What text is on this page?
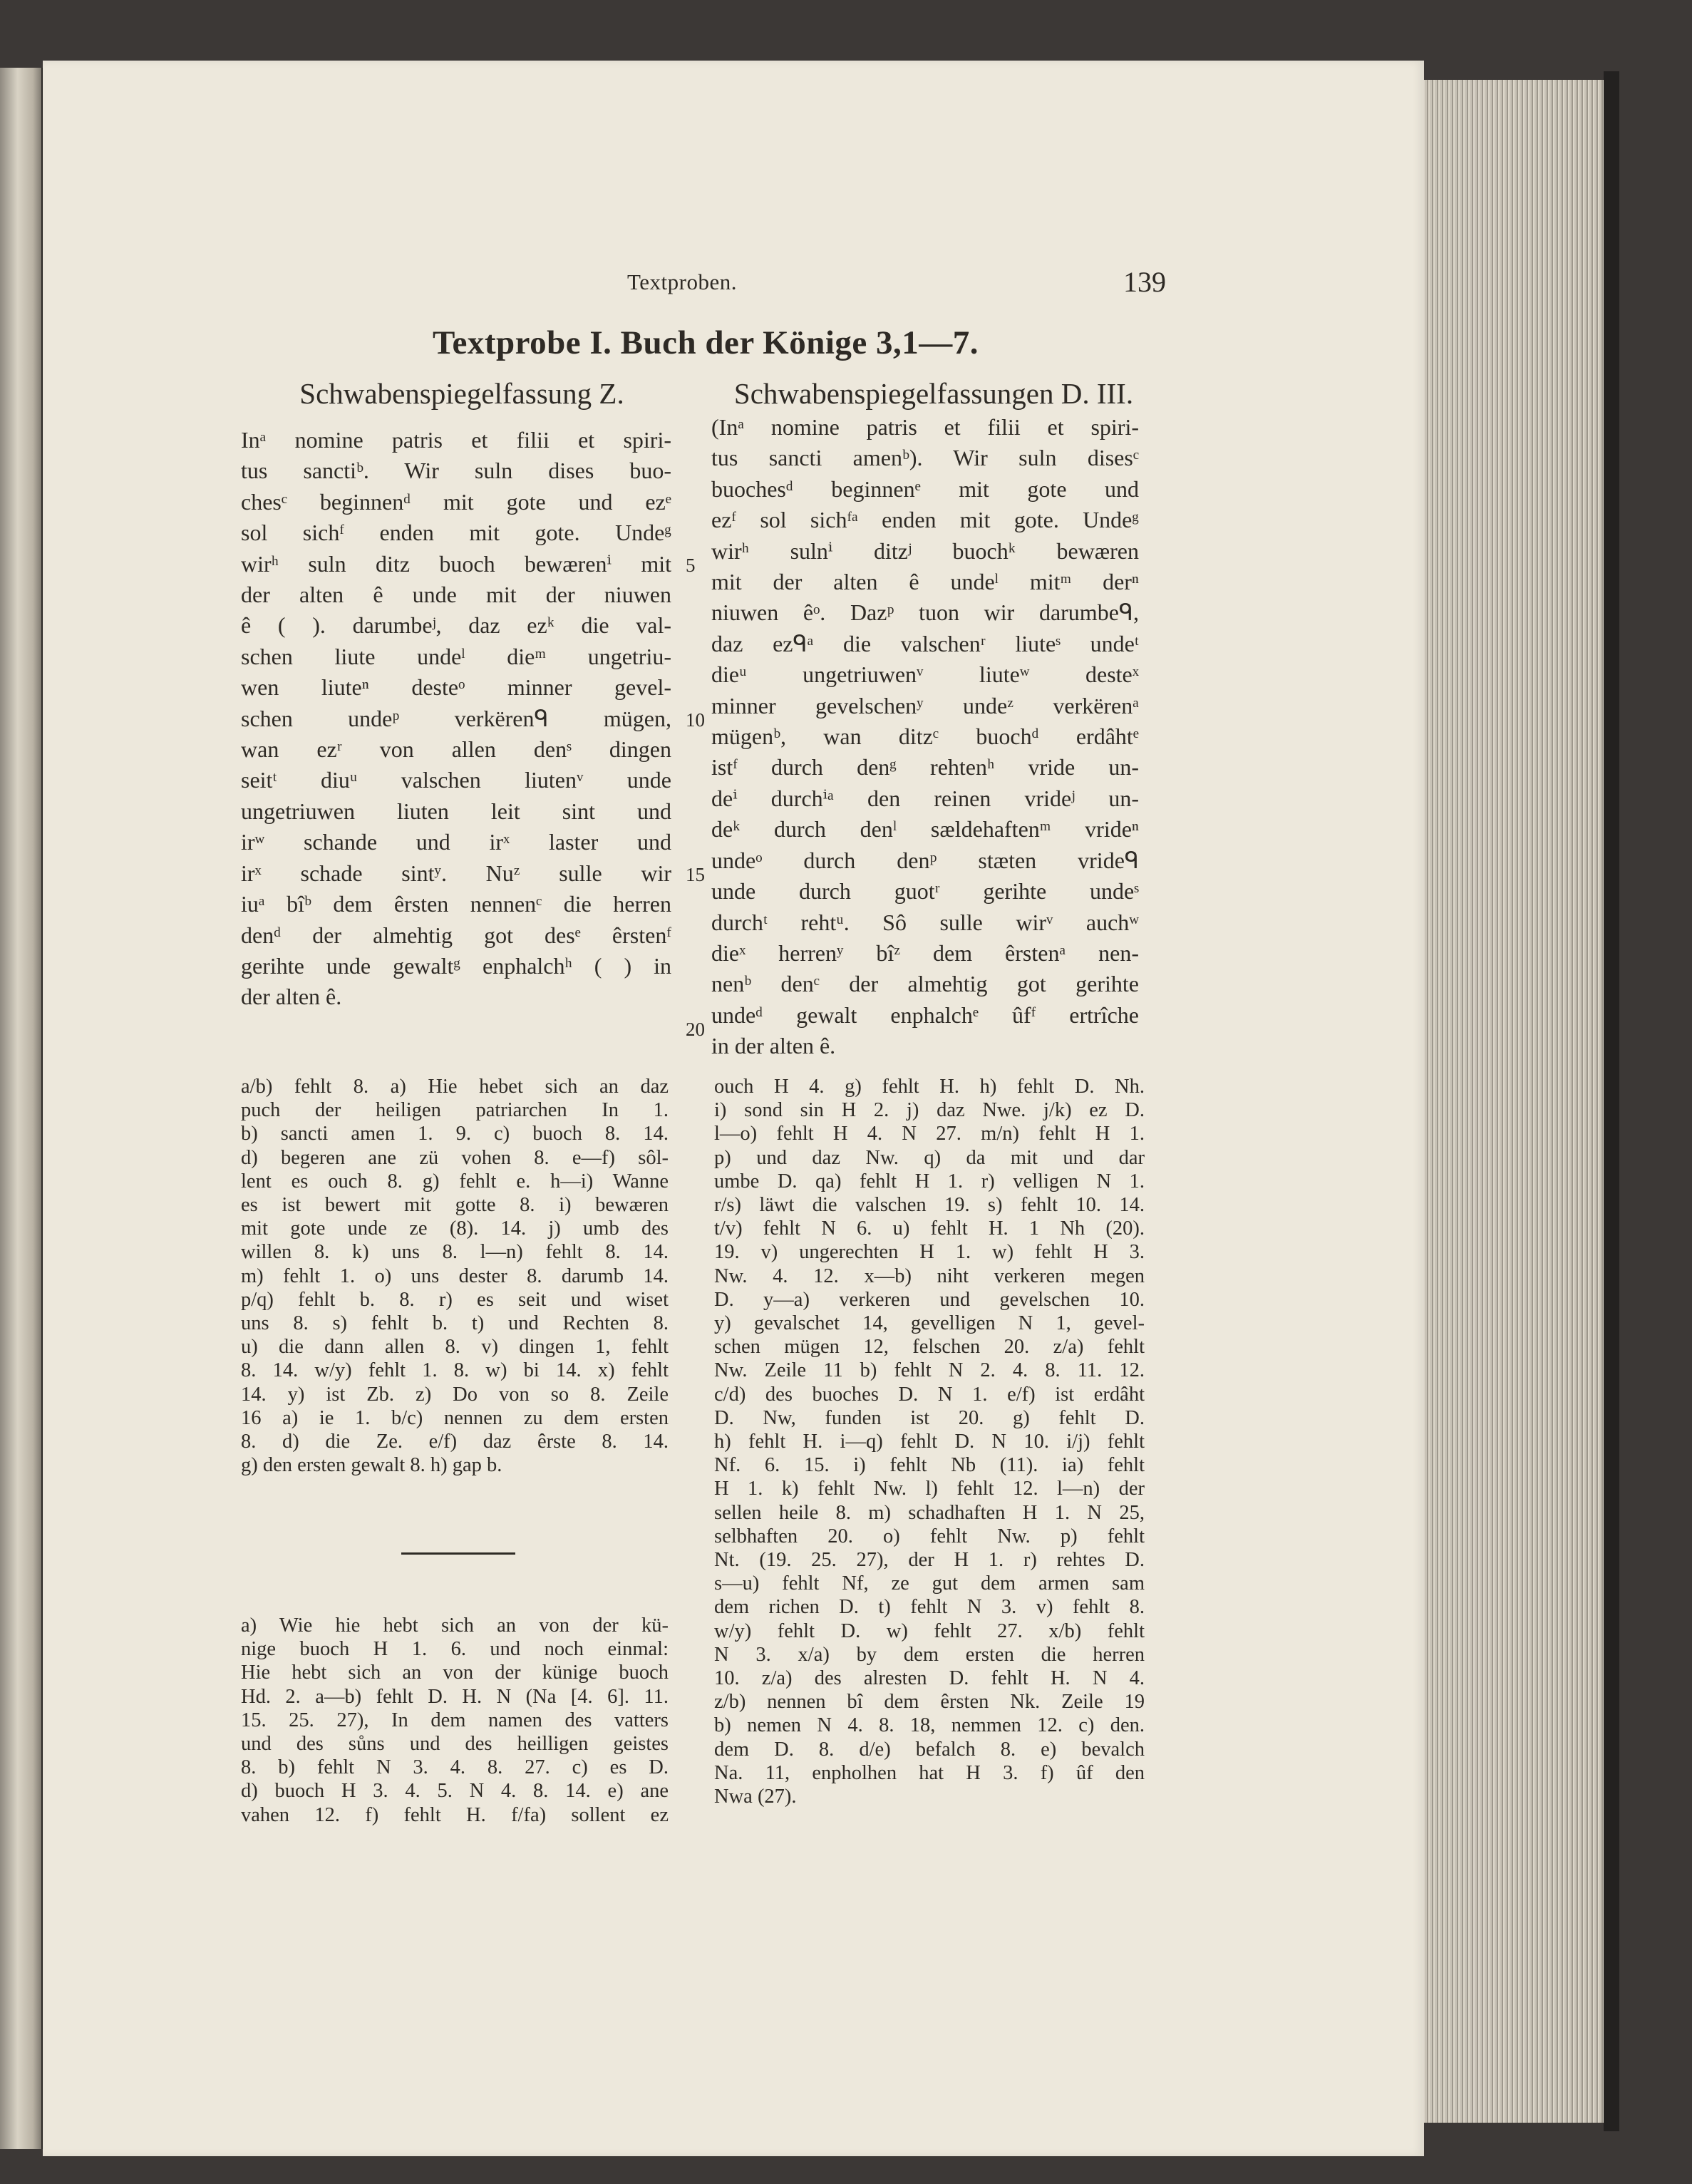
Textproben.	139
Textprobe I. Buch der Könige 3,1—7.
Schwabenspiegelfassung Z.	Schwabenspiegelfassungen D. III.
Inᵃ nomine patris et filii et spiri-
tus sanctiᵇ. Wir suln dises buo-
chesᶜ beginnenᵈ mit gote und ezᵉ
sol sichᶠ enden mit gote. Undeᵍ
wirʰ suln ditz buoch bewærenⁱ mit
der alten ê unde mit der niuwen
ê ( ). darumbeʲ, daz ezᵏ die val-
schen liute undeˡ dieᵐ ungetriu-
wen liuteⁿ desteᵒ minner gevel-
schen undeᵖ verkërenᑫ mügen,
wan ezʳ von allen denˢ dingen
seitᵗ diuᵘ valschen liutenᵛ unde
ungetriuwen liuten leit sint und
irʷ schande und irˣ laster und
irˣ schade sintʸ. Nuᶻ sulle wir
iuᵃ bîᵇ dem êrsten nennenᶜ die herren
denᵈ der almehtig got desᵉ êrstenᶠ
gerihte unde gewaltᵍ enphalchʰ ( ) in
der alten ê.
(Inᵃ nomine patris et filii et spiri-
tus sancti amenᵇ). Wir suln disesᶜ
buochesᵈ beginnenᵉ mit gote und
ezᶠ sol sichᶠᵃ enden mit gote. Undeᵍ
wirʰ sulnⁱ ditzʲ buochᵏ bewæren
mit der alten ê undeˡ mitᵐ derⁿ
niuwen êᵒ. Dazᵖ tuon wir darumbeᑫ,
daz ezᑫᵃ die valschenʳ liuteˢ undeᵗ
dieᵘ ungetriuwenᵛ liuteʷ desteˣ
minner gevelschenʸ undeᶻ verkërenᵃ
mügenᵇ, wan ditzᶜ buochᵈ erdâhtᵉ
istᶠ durch denᵍ rehtenʰ vride un-
deⁱ durchⁱᵃ den reinen vrideʲ un-
deᵏ durch denˡ sældehaftenᵐ vrideⁿ
undeᵒ durch denᵖ stæten vrideᑫ
unde durch guotʳ gerihte undeˢ
durchᵗ rehtᵘ. Sô sulle wirᵛ auchʷ
dieˣ herrenʸ bîᶻ dem êrstenᵃ nen-
nenᵇ denᶜ der almehtig got gerihte
undeᵈ gewalt enphalchᵉ ûfᶠ ertrîche
in der alten ê.
5
10
15
20
a/b) fehlt 8. a) Hie hebet sich an daz
puch der heiligen patriarchen In 1.
b) sancti amen 1. 9. c) buoch 8. 14.
d) begeren ane zü vohen 8. e—f) sôl-
lent es ouch 8. g) fehlt e. h—i) Wanne
es ist bewert mit gotte 8. i) bewæren
mit gote unde ze (8). 14. j) umb des
willen 8. k) uns 8. l—n) fehlt 8. 14.
m) fehlt 1. o) uns dester 8. darumb 14.
p/q) fehlt b. 8. r) es seit und wiset
uns 8. s) fehlt b. t) und Rechten 8.
u) die dann allen 8. v) dingen 1, fehlt
8. 14. w/y) fehlt 1. 8. w) bi 14. x) fehlt
14. y) ist Zb. z) Do von so 8. Zeile
16 a) ie 1. b/c) nennen zu dem ersten
8. d) die Ze. e/f) daz êrste 8. 14.
g) den ersten gewalt 8. h) gap b.
a) Wie hie hebt sich an von der kü-
nige buoch H 1. 6. und noch einmal:
Hie hebt sich an von der künige buoch
Hd. 2. a—b) fehlt D. H. N (Na [4. 6]. 11.
15. 25. 27), In dem namen des vatters
und des sůns und des heilligen geistes
8. b) fehlt N 3. 4. 8. 27. c) es D.
d) buoch H 3. 4. 5. N 4. 8. 14. e) ane
vahen 12. f) fehlt H. f/fa) sollent ez
ouch H 4. g) fehlt H. h) fehlt D. Nh.
i) sond sin H 2. j) daz Nwe. j/k) ez D.
l—o) fehlt H 4. N 27. m/n) fehlt H 1.
p) und daz Nw. q) da mit und dar
umbe D. qa) fehlt H 1. r) velligen N 1.
r/s) läwt die valschen 19. s) fehlt 10. 14.
t/v) fehlt N 6. u) fehlt H. 1 Nh (20).
19. v) ungerechten H 1. w) fehlt H 3.
Nw. 4. 12. x—b) niht verkeren megen
D. y—a) verkeren und gevelschen 10.
y) gevalschet 14, gevelligen N 1, gevel-
schen mügen 12, felschen 20. z/a) fehlt
Nw. Zeile 11 b) fehlt N 2. 4. 8. 11. 12.
c/d) des buoches D. N 1. e/f) ist erdâht
D. Nw, funden ist 20. g) fehlt D.
h) fehlt H. i—q) fehlt D. N 10. i/j) fehlt
Nf. 6. 15. i) fehlt Nb (11). ia) fehlt
H 1. k) fehlt Nw. l) fehlt 12. l—n) der
sellen heile 8. m) schadhaften H 1. N 25,
selbhaften 20. o) fehlt Nw. p) fehlt
Nt. (19. 25. 27), der H 1. r) rehtes D.
s—u) fehlt Nf, ze gut dem armen sam
dem richen D. t) fehlt N 3. v) fehlt 8.
w/y) fehlt D. w) fehlt 27. x/b) fehlt
N 3. x/a) by dem ersten die herren
10. z/a) des alresten D. fehlt H. N 4.
z/b) nennen bî dem êrsten Nk. Zeile 19
b) nemen N 4. 8. 18, nemmen 12. c) den.
dem D. 8. d/e) befalch 8. e) bevalch
Na. 11, enpholhen hat H 3. f) ûf den
Nwa (27).
